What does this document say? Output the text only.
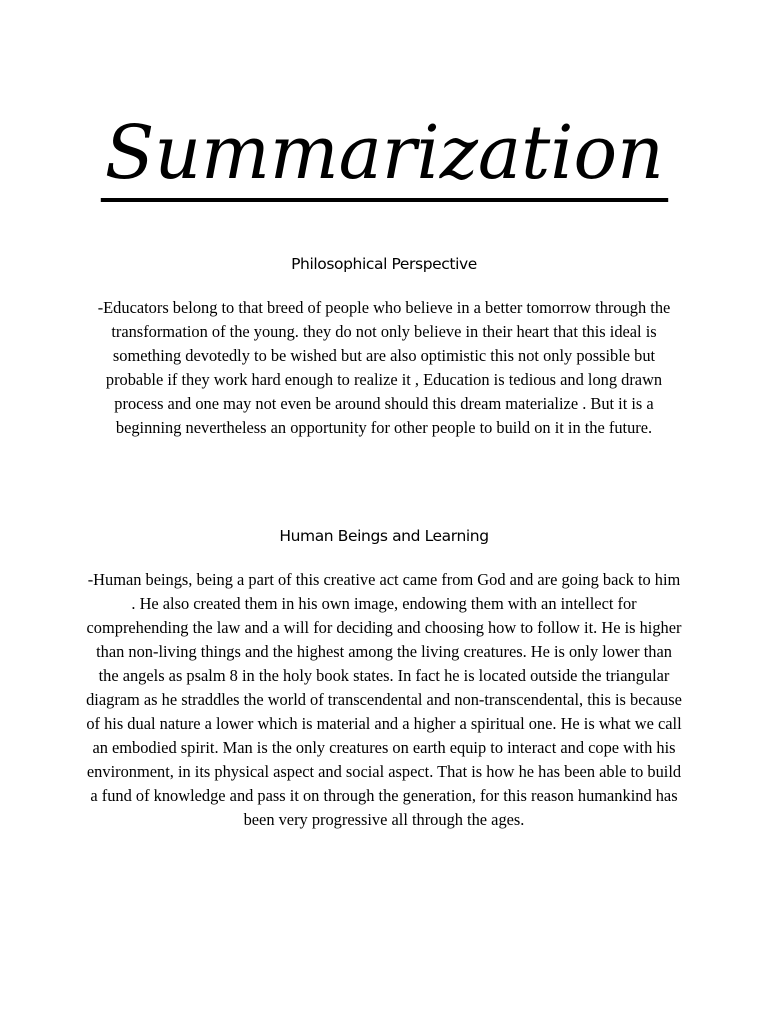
Summarization
Philosophical Perspective

-Educators belong to that breed of people who believe in a better tomorrow through the transformation of the young. they do not only believe in their heart that this ideal is something devotedly to be wished but are also optimistic this not only possible but probable if they work hard enough to realize it , Education is tedious and long drawn process and one may not even be around should this dream materialize . But it is a beginning nevertheless an opportunity for other people to build on it in the future.

Human Beings and Learning

-Human beings, being a part of this creative act came from God and are going back to him . He also created them in his own image, endowing them with an intellect for comprehending the law and a will for deciding and choosing how to follow it. He is higher than non-living things and the highest among the living creatures. He is only lower than the angels as psalm 8 in the holy book states. In fact he is located outside the triangular diagram as he straddles the world of transcendental and non-transcendental, this is because of his dual nature a lower which is material and a higher a spiritual one. He is what we call an embodied spirit. Man is the only creatures on earth equip to interact and cope with his environment, in its physical aspect and social aspect. That is how he has been able to build a fund of knowledge and pass it on through the generation, for this reason humankind has been very progressive all through the ages.
